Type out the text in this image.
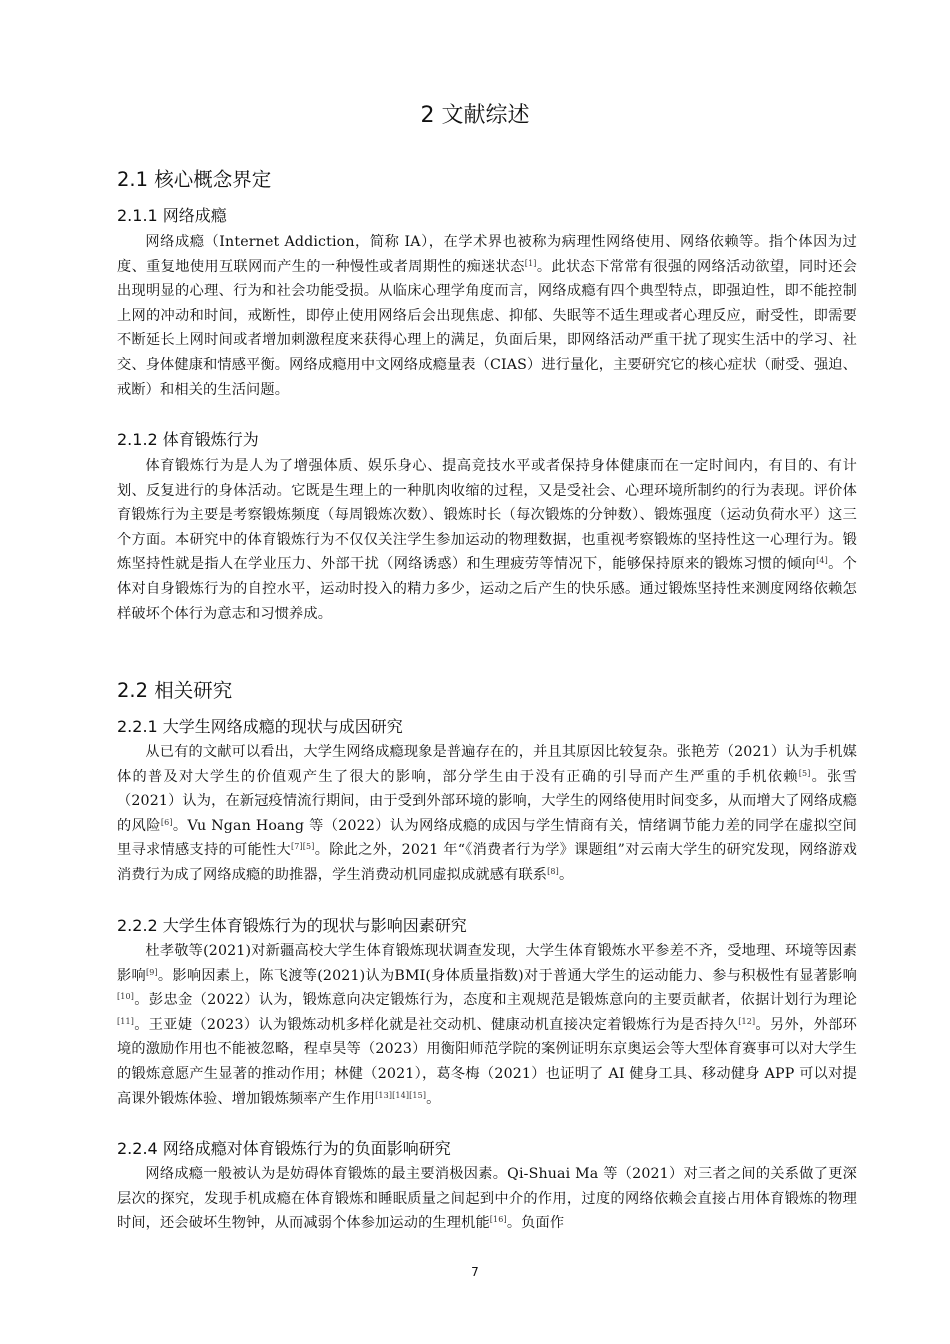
2 文献综述
2.1 核心概念界定
2.1.1 网络成瘾
网络成瘾（Internet Addiction，简称 IA），在学术界也被称为病理性网络使用、网络依赖等。指个体因为过度、重复地使用互联网而产生的一种慢性或者周期性的痴迷状态[1]。此状态下常常有很强的网络活动欲望，同时还会出现明显的心理、行为和社会功能受损。从临床心理学角度而言，网络成瘾有四个典型特点，即强迫性，即不能控制上网的冲动和时间，戒断性，即停止使用网络后会出现焦虑、抑郁、失眠等不适生理或者心理反应，耐受性，即需要不断延长上网时间或者增加刺激程度来获得心理上的满足，负面后果，即网络活动严重干扰了现实生活中的学习、社交、身体健康和情感平衡。网络成瘾用中文网络成瘾量表（CIAS）进行量化，主要研究它的核心症状（耐受、强迫、戒断）和相关的生活问题。
2.1.2 体育锻炼行为
体育锻炼行为是人为了增强体质、娱乐身心、提高竞技水平或者保持身体健康而在一定时间内，有目的、有计划、反复进行的身体活动。它既是生理上的一种肌肉收缩的过程，又是受社会、心理环境所制约的行为表现。评价体育锻炼行为主要是考察锻炼频度（每周锻炼次数）、锻炼时长（每次锻炼的分钟数）、锻炼强度（运动负荷水平）这三个方面。本研究中的体育锻炼行为不仅仅关注学生参加运动的物理数据，也重视考察锻炼的坚持性这一心理行为。锻炼坚持性就是指人在学业压力、外部干扰（网络诱惑）和生理疲劳等情况下，能够保持原来的锻炼习惯的倾向[4]。个体对自身锻炼行为的自控水平，运动时投入的精力多少，运动之后产生的快乐感。通过锻炼坚持性来测度网络依赖怎样破坏个体行为意志和习惯养成。
2.2 相关研究
2.2.1 大学生网络成瘾的现状与成因研究
从已有的文献可以看出，大学生网络成瘾现象是普遍存在的，并且其原因比较复杂。张艳芳（2021）认为手机媒体的普及对大学生的价值观产生了很大的影响，部分学生由于没有正确的引导而产生严重的手机依赖[5]。张雪（2021）认为，在新冠疫情流行期间，由于受到外部环境的影响，大学生的网络使用时间变多，从而增大了网络成瘾的风险[6]。Vu Ngan Hoang 等（2022）认为网络成瘾的成因与学生情商有关，情绪调节能力差的同学在虚拟空间里寻求情感支持的可能性大[7][5]。除此之外，2021 年“《消费者行为学》课题组”对云南大学生的研究发现，网络游戏消费行为成了网络成瘾的助推器，学生消费动机同虚拟成就感有联系[8]。
2.2.2 大学生体育锻炼行为的现状与影响因素研究
杜孝敬等(2021)对新疆高校大学生体育锻炼现状调查发现，大学生体育锻炼水平参差不齐，受地理、环境等因素影响[9]。影响因素上，陈飞渡等(2021)认为BMI(身体质量指数)对于普通大学生的运动能力、参与积极性有显著影响[10]。彭忠金（2022）认为，锻炼意向决定锻炼行为，态度和主观规范是锻炼意向的主要贡献者，依据计划行为理论[11]。王亚婕（2023）认为锻炼动机多样化就是社交动机、健康动机直接决定着锻炼行为是否持久[12]。另外，外部环境的激励作用也不能被忽略，程卓昊等（2023）用衡阳师范学院的案例证明东京奥运会等大型体育赛事可以对大学生的锻炼意愿产生显著的推动作用；林健（2021），葛冬梅（2021）也证明了 AI 健身工具、移动健身 APP 可以对提高课外锻炼体验、增加锻炼频率产生作用[13][14][15]。
2.2.4 网络成瘾对体育锻炼行为的负面影响研究
网络成瘾一般被认为是妨碍体育锻炼的最主要消极因素。Qi-Shuai Ma 等（2021）对三者之间的关系做了更深层次的探究，发现手机成瘾在体育锻炼和睡眠质量之间起到中介的作用，过度的网络依赖会直接占用体育锻炼的物理时间，还会破坏生物钟，从而减弱个体参加运动的生理机能[16]。负面作
7
